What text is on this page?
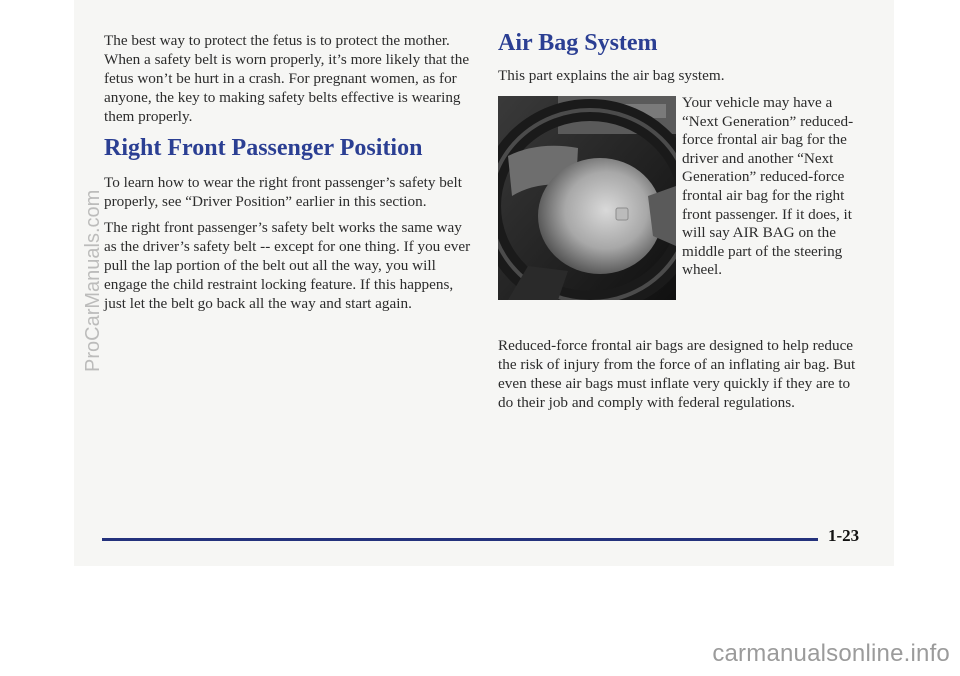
The best way to protect the fetus is to protect the mother. When a safety belt is worn properly, it’s more likely that the fetus won’t be hurt in a crash. For pregnant women, as for anyone, the key to making safety belts effective is wearing them properly.

Right Front Passenger Position

To learn how to wear the right front passenger’s safety belt properly, see “Driver Position” earlier in this section.

The right front passenger’s safety belt works the same way as the driver’s safety belt -- except for one thing. If you ever pull the lap portion of the belt out all the way, you will engage the child restraint locking feature. If this happens, just let the belt go back all the way and start again.

Air Bag System

This part explains the air bag system.

Your vehicle may have a “Next Generation” reduced-force frontal air bag for the driver and another “Next Generation” reduced-force frontal air bag for the right front passenger. If it does, it will say AIR BAG on the middle part of the steering wheel.

Reduced-force frontal air bags are designed to help reduce the risk of injury from the force of an inflating air bag. But even these air bags must inflate very quickly if they are to do their job and comply with federal regulations.

1-23
carmanualsonline.info
